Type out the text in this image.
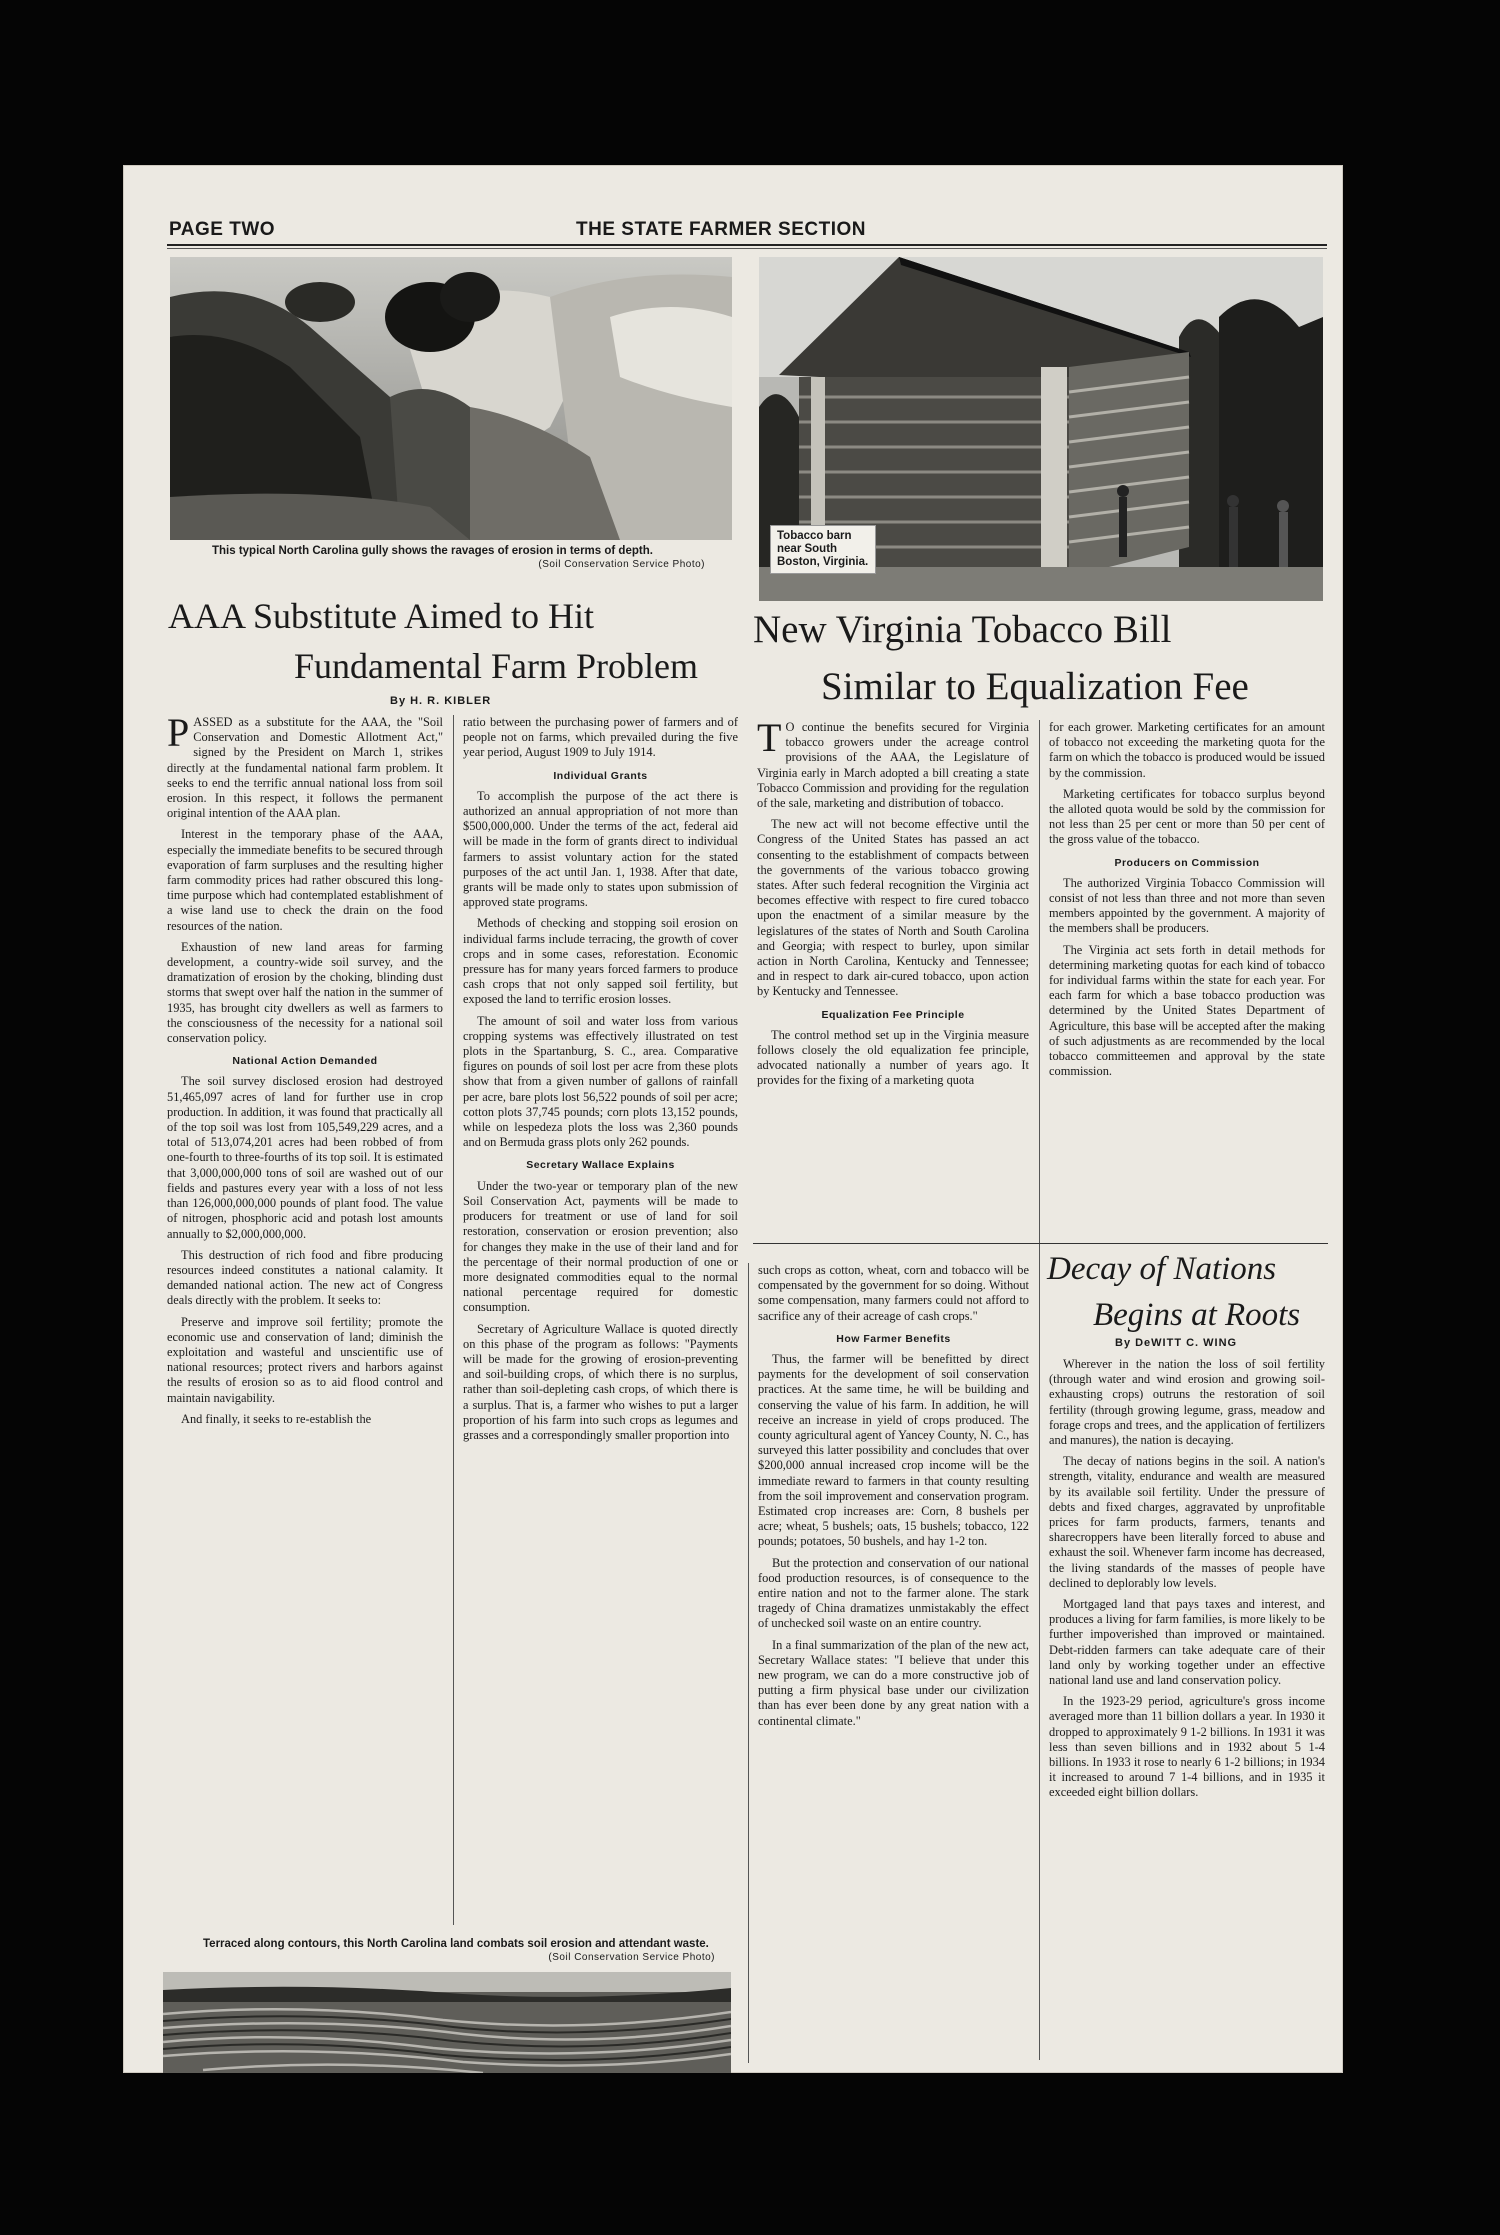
PAGE TWO	THE STATE FARMER SECTION
This typical North Carolina gully shows the ravages of erosion in terms of depth.
(Soil Conservation Service Photo)
Tobacco barn near South Boston, Virginia.
AAA Substitute Aimed to Hit
Fundamental Farm Problem
By H. R. KIBLER
New Virginia Tobacco Bill
Similar to Equalization Fee

PASSED as a substitute for the AAA, the "Soil Conservation and Domestic Allotment Act," signed by the President on March 1, strikes directly at the fundamental national farm problem. It seeks to end the terrific annual national loss from soil erosion. In this respect, it follows the permanent original intention of the AAA plan.

Interest in the temporary phase of the AAA, especially the immediate benefits to be secured through evaporation of farm surpluses and the resulting higher farm commodity prices had rather obscured this long-time purpose which had contemplated establishment of a wise land use to check the drain on the food resources of the nation.

Exhaustion of new land areas for farming development, a country-wide soil survey, and the dramatization of erosion by the choking, blinding dust storms that swept over half the nation in the summer of 1935, has brought city dwellers as well as farmers to the consciousness of the necessity for a national soil conservation policy.

National Action Demanded

The soil survey disclosed erosion had destroyed 51,465,097 acres of land for further use in crop production. In addition, it was found that practically all of the top soil was lost from 105,549,229 acres, and a total of 513,074,201 acres had been robbed of from one-fourth to three-fourths of its top soil. It is estimated that 3,000,000,000 tons of soil are washed out of our fields and pastures every year with a loss of not less than 126,000,000,000 pounds of plant food. The value of nitrogen, phosphoric acid and potash lost amounts annually to $2,000,000,000.

This destruction of rich food and fibre producing resources indeed constitutes a national calamity. It demanded national action. The new act of Congress deals directly with the problem. It seeks to:

Preserve and improve soil fertility; promote the economic use and conservation of land; diminish the exploitation and wasteful and unscientific use of national resources; protect rivers and harbors against the results of erosion so as to aid flood control and maintain navigability.

And finally, it seeks to re-establish the

ratio between the purchasing power of farmers and of people not on farms, which prevailed during the five year period, August 1909 to July 1914.

Individual Grants

To accomplish the purpose of the act there is authorized an annual appropriation of not more than $500,000,000. Under the terms of the act, federal aid will be made in the form of grants direct to individual farmers to assist voluntary action for the stated purposes of the act until Jan. 1, 1938. After that date, grants will be made only to states upon submission of approved state programs.

Methods of checking and stopping soil erosion on individual farms include terracing, the growth of cover crops and in some cases, reforestation. Economic pressure has for many years forced farmers to produce cash crops that not only sapped soil fertility, but exposed the land to terrific erosion losses.

The amount of soil and water loss from various cropping systems was effectively illustrated on test plots in the Spartanburg, S. C., area. Comparative figures on pounds of soil lost per acre from these plots show that from a given number of gallons of rainfall per acre, bare plots lost 56,522 pounds of soil per acre; cotton plots 37,745 pounds; corn plots 13,152 pounds, while on lespedeza plots the loss was 2,360 pounds and on Bermuda grass plots only 262 pounds.

Secretary Wallace Explains

Under the two-year or temporary plan of the new Soil Conservation Act, payments will be made to producers for treatment or use of land for soil restoration, conservation or erosion prevention; also for changes they make in the use of their land and for the percentage of their normal production of one or more designated commodities equal to the normal national percentage required for domestic consumption.

Secretary of Agriculture Wallace is quoted directly on this phase of the program as follows: "Payments will be made for the growing of erosion-preventing and soil-building crops, of which there is no surplus, rather than soil-depleting cash crops, of which there is a surplus. That is, a farmer who wishes to put a larger proportion of his farm into such crops as legumes and grasses and a correspondingly smaller proportion into

Terraced along contours, this North Carolina land combats soil erosion and attendant waste.
(Soil Conservation Service Photo)

such crops as cotton, wheat, corn and tobacco will be compensated by the government for so doing. Without some compensation, many farmers could not afford to sacrifice any of their acreage of cash crops."

How Farmer Benefits

Thus, the farmer will be benefitted by direct payments for the development of soil conservation practices. At the same time, he will be building and conserving the value of his farm. In addition, he will receive an increase in yield of crops produced. The county agricultural agent of Yancey County, N. C., has surveyed this latter possibility and concludes that over $200,000 annual increased crop income will be the immediate reward to farmers in that county resulting from the soil improvement and conservation program. Estimated crop increases are: Corn, 8 bushels per acre; wheat, 5 bushels; oats, 15 bushels; tobacco, 122 pounds; potatoes, 50 bushels, and hay 1-2 ton.

But the protection and conservation of our national food production resources, is of consequence to the entire nation and not to the farmer alone. The stark tragedy of China dramatizes unmistakably the effect of unchecked soil waste on an entire country.

In a final summarization of the plan of the new act, Secretary Wallace states: "I believe that under this new program, we can do a more constructive job of putting a firm physical base under our civilization than has ever been done by any great nation with a continental climate."

T O continue the benefits secured for Virginia tobacco growers under the acreage control provisions of the AAA, the Legislature of Virginia early in March adopted a bill creating a state Tobacco Commission and providing for the regulation of the sale, marketing and distribution of tobacco.

The new act will not become effective until the Congress of the United States has passed an act consenting to the establishment of compacts between the governments of the various tobacco growing states. After such federal recognition the Virginia act becomes effective with respect to fire cured tobacco upon the enactment of a similar measure by the legislatures of the states of North and South Carolina and Georgia; with respect to burley, upon similar action in North Carolina, Kentucky and Tennessee; and in respect to dark air-cured tobacco, upon action by Kentucky and Tennessee.

Equalization Fee Principle

The control method set up in the Virginia measure follows closely the old equalization fee principle, advocated nationally a number of years ago. It provides for the fixing of a marketing quota

for each grower. Marketing certificates for an amount of tobacco not exceeding the marketing quota for the farm on which the tobacco is produced would be issued by the commission.

Marketing certificates for tobacco surplus beyond the alloted quota would be sold by the commission for not less than 25 per cent or more than 50 per cent of the gross value of the tobacco.

Producers on Commission

The authorized Virginia Tobacco Commission will consist of not less than three and not more than seven members appointed by the government. A majority of the members shall be producers.

The Virginia act sets forth in detail methods for determining marketing quotas for each kind of tobacco for individual farms within the state for each year. For each farm for which a base tobacco production was determined by the United States Department of Agriculture, this base will be accepted after the making of such adjustments as are recommended by the local tobacco committeemen and approval by the state commission.

Decay of Nations
Begins at Roots
By DeWITT C. WING

Wherever in the nation the loss of soil fertility (through water and wind erosion and growing soil-exhausting crops) outruns the restoration of soil fertility (through growing legume, grass, meadow and forage crops and trees, and the application of fertilizers and manures), the nation is decaying.

The decay of nations begins in the soil. A nation's strength, vitality, endurance and wealth are measured by its available soil fertility. Under the pressure of debts and fixed charges, aggravated by unprofitable prices for farm products, farmers, tenants and sharecroppers have been literally forced to abuse and exhaust the soil. Whenever farm income has decreased, the living standards of the masses of people have declined to deplorably low levels.

Mortgaged land that pays taxes and interest, and produces a living for farm families, is more likely to be further impoverished than improved or maintained. Debt-ridden farmers can take adequate care of their land only by working together under an effective national land use and land conservation policy.

In the 1923-29 period, agriculture's gross income averaged more than 11 billion dollars a year. In 1930 it dropped to approximately 9 1-2 billions. In 1931 it was less than seven billions and in 1932 about 5 1-4 billions. In 1933 it rose to nearly 6 1-2 billions; in 1934 it increased to around 7 1-4 billions, and in 1935 it exceeded eight billion dollars.
